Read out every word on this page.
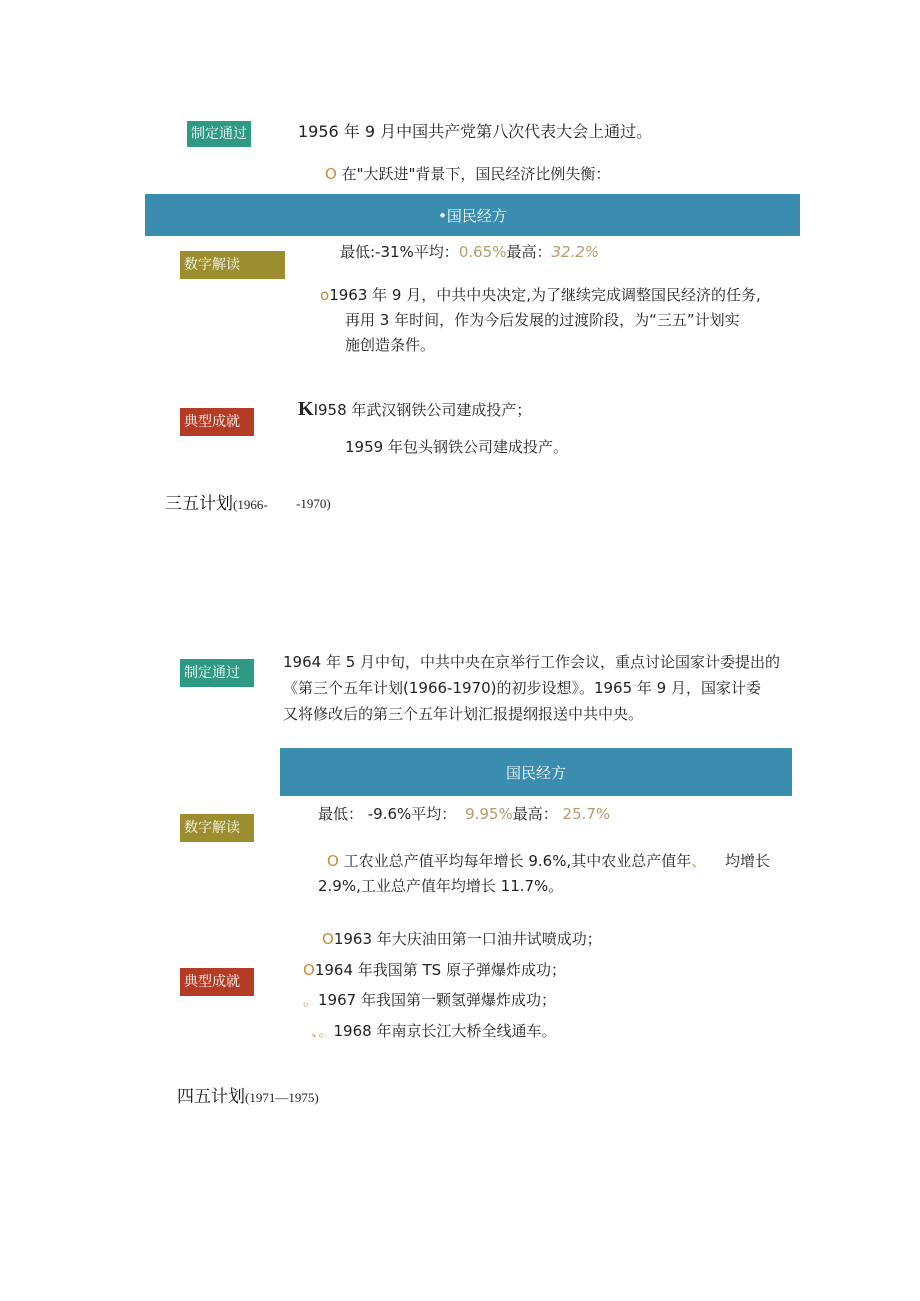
制定通过	1956 年 9 月中国共产党第八次代表大会上通过。
O 在"大跃进"背景下，国民经济比例失衡：
•国民经方
数字解读
最低:-31%平均：0.65%最高：32.2%
o1963 年 9 月，中共中央决定,为了继续完成调整国民经济的任务,
再用 3 年时间，作为今后发展的过渡阶段，为“三五”计划实
施创造条件。
典型成就
KI958 年武汉钢铁公司建成投产；
1959 年包头钢铁公司建成投产。
三五计划(1966- -1970)
制定通过
1964 年 5 月中旬，中共中央在京举行工作会议，重点讨论国家计委提出的
《第三个五年计划(1966-1970)的初步设想》。1965 年 9 月，国家计委
又将修改后的第三个五年计划汇报提纲报送中共中央。
国民经方
数字解读
最低： -9.6%平均： 9.95%最高： 25.7%
O 工农业总产值平均每年增长 9.6%,其中农业总产值年、 均增长
2.9%,工业总产值年均增长 11.7%。
典型成就
O1963 年大庆油田第一口油井试喷成功；
O1964 年我国第 TS 原子弹爆炸成功；
。1967 年我国第一颗氢弹爆炸成功；
、。1968 年南京长江大桥全线通车。
四五计划(1971—1975)
